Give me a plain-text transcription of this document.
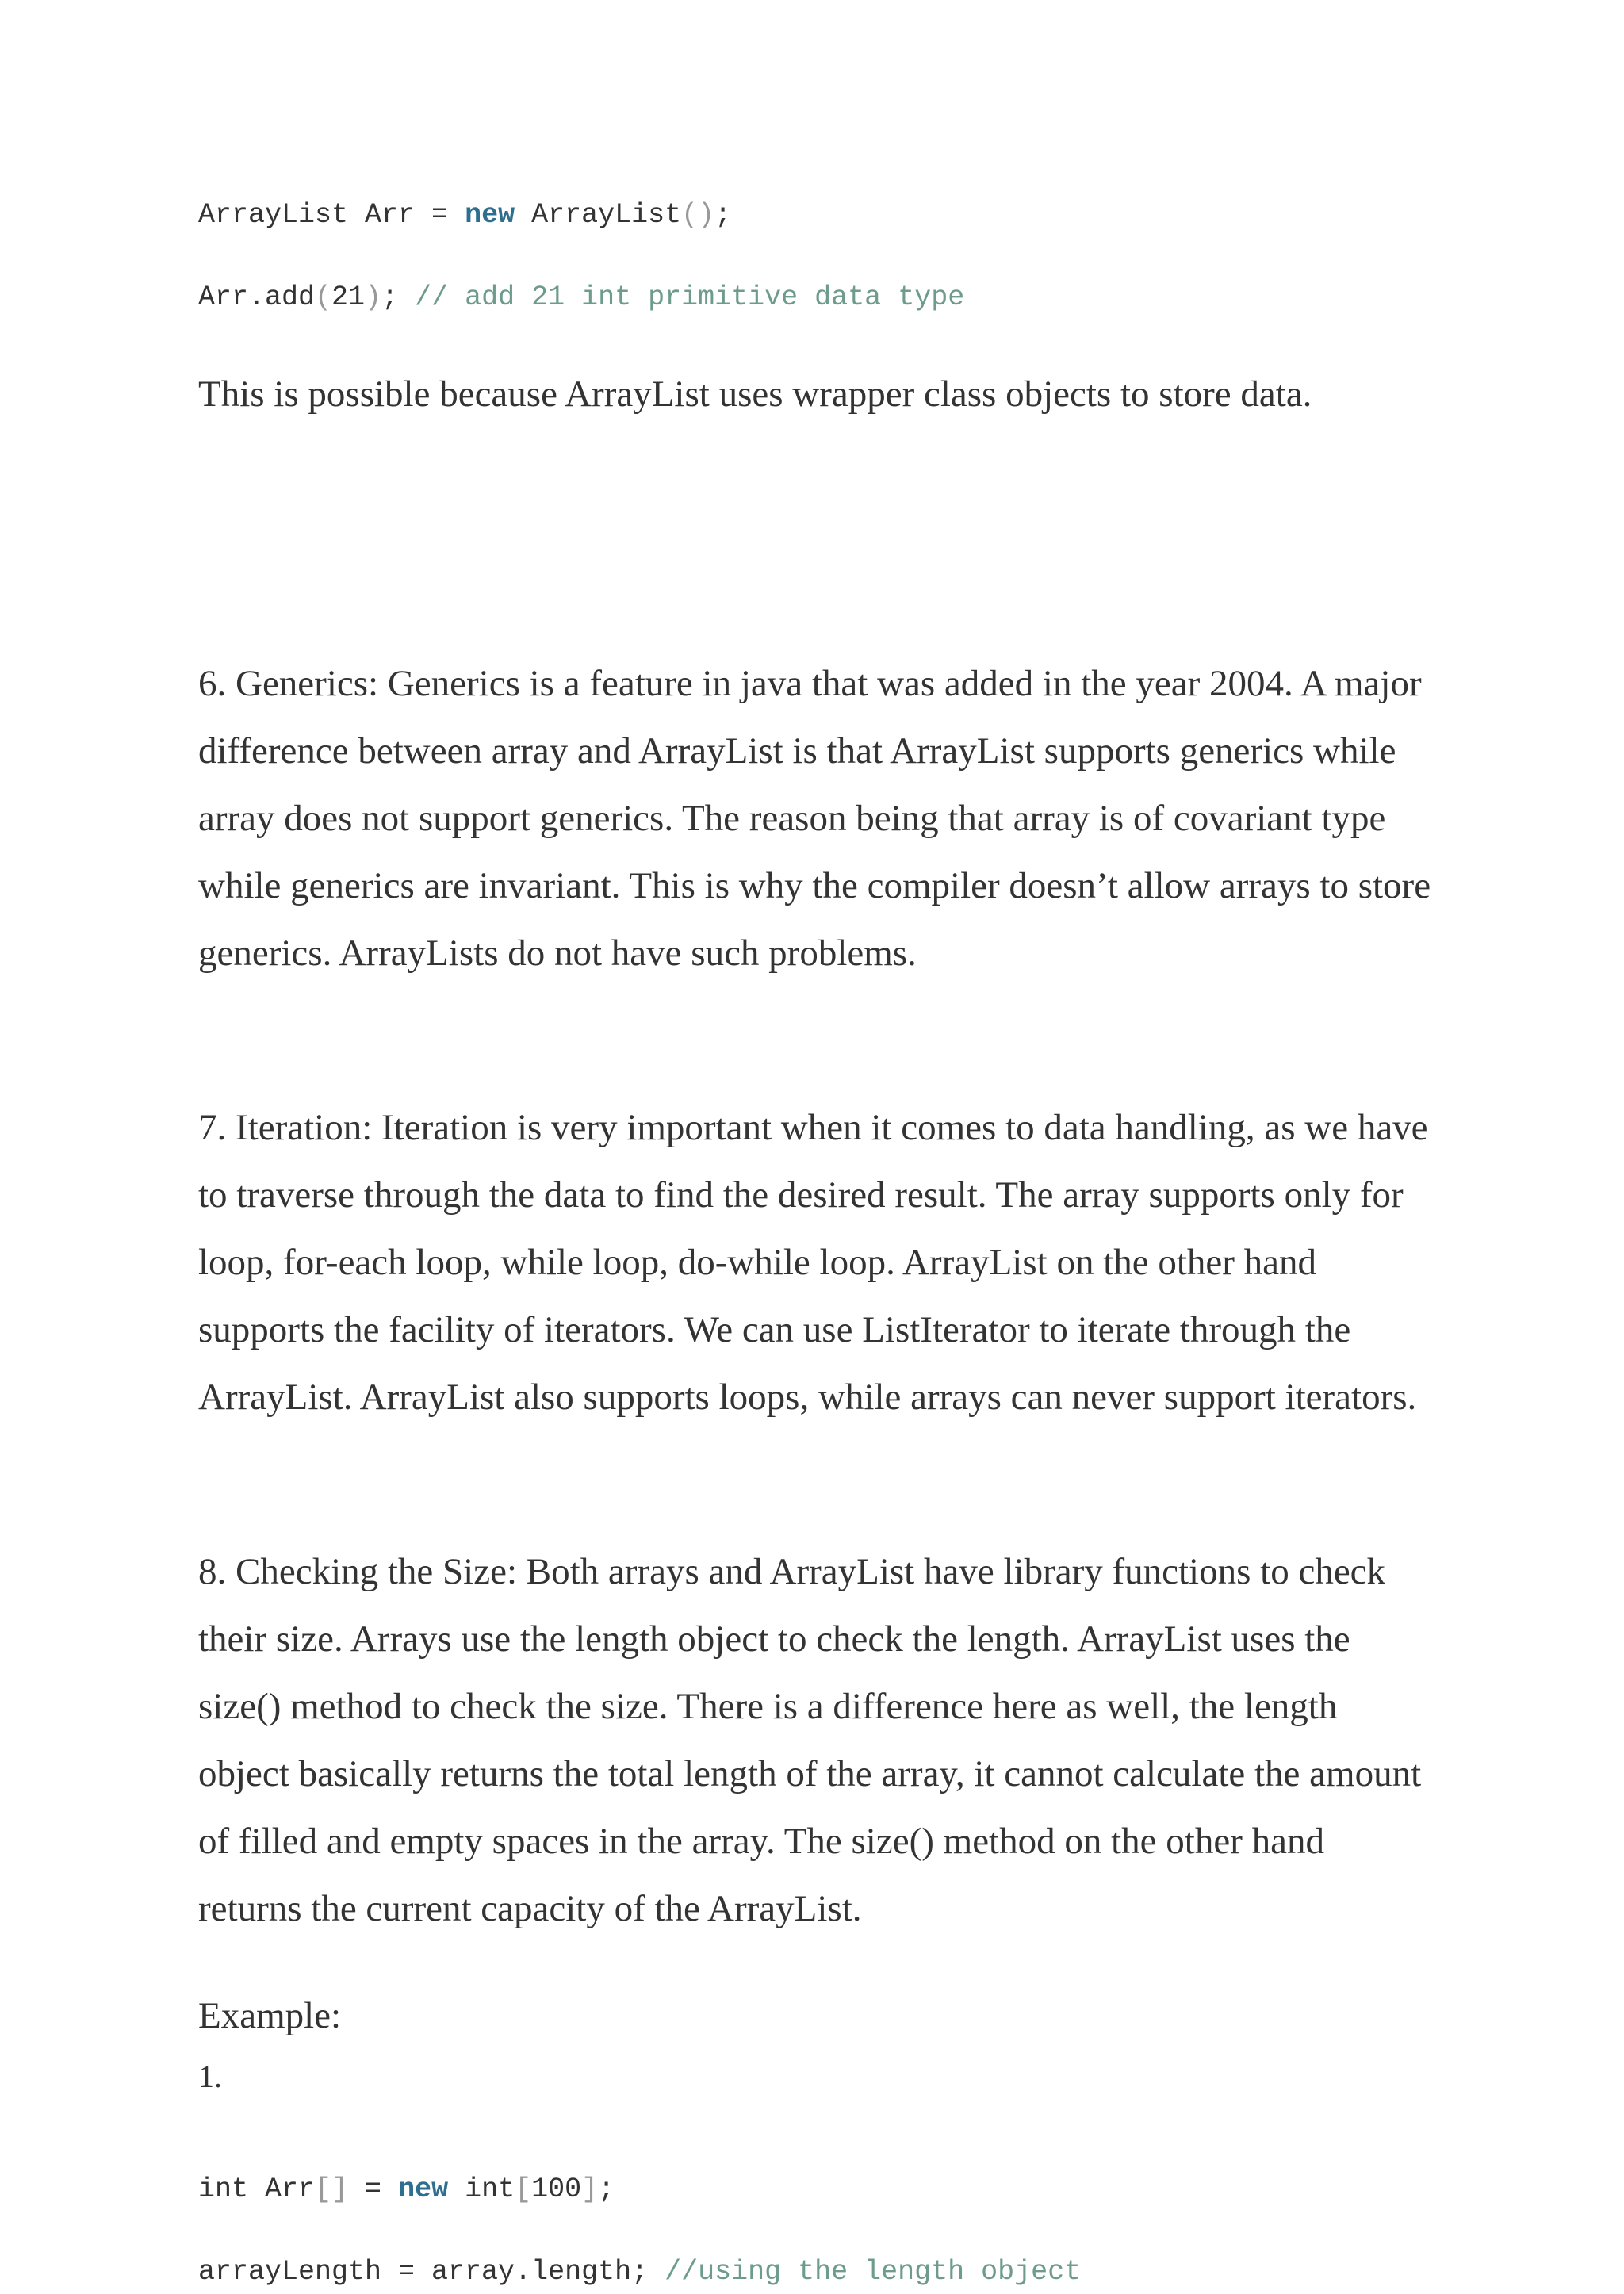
ArrayList Arr = new ArrayList();

Arr.add(21); // add 21 int primitive data type

This is possible because ArrayList uses wrapper class objects to store data.

6. Generics: Generics is a feature in java that was added in the year 2004. A major difference between array and ArrayList is that ArrayList supports generics while array does not support generics. The reason being that array is of covariant type while generics are invariant. This is why the compiler doesn’t allow arrays to store generics. ArrayLists do not have such problems.

7. Iteration: Iteration is very important when it comes to data handling, as we have to traverse through the data to find the desired result. The array supports only for loop, for-each loop, while loop, do-while loop. ArrayList on the other hand supports the facility of iterators. We can use ListIterator to iterate through the ArrayList. ArrayList also supports loops, while arrays can never support iterators.

8. Checking the Size: Both arrays and ArrayList have library functions to check their size. Arrays use the length object to check the length. ArrayList uses the size() method to check the size. There is a difference here as well, the length object basically returns the total length of the array, it cannot calculate the amount of filled and empty spaces in the array. The size() method on the other hand returns the current capacity of the ArrayList.

Example:

1.

int Arr[] = new int[100];

arrayLength = array.length; //using the length object
